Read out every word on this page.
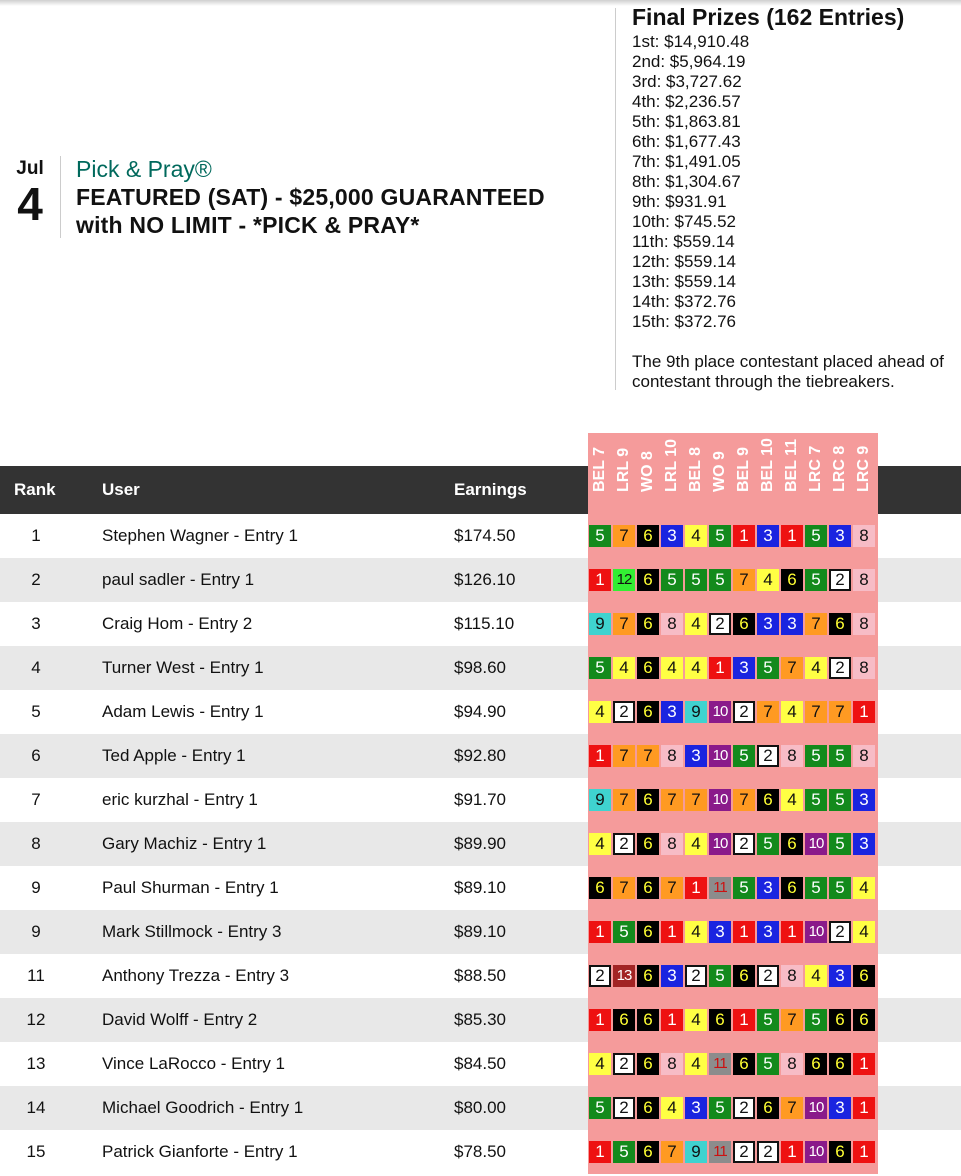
Jul
4
Pick & Pray®
FEATURED (SAT) - $25,000 GUARANTEED
with NO LIMIT - *PICK & PRAY*
Final Prizes (162 Entries)
1st: $14,910.48
2nd: $5,964.19
3rd: $3,727.62
4th: $2,236.57
5th: $1,863.81
6th: $1,677.43
7th: $1,491.05
8th: $1,304.67
9th: $931.91
10th: $745.52
11th: $559.14
12th: $559.14
13th: $559.14
14th: $372.76
15th: $372.76
The 9th place contestant placed ahead of
contestant through the tiebreakers.
Rank	User	Earnings	BEL 7 LRL 9 WO 8 LRL 10 BEL 8 WO 9 BEL 9 BEL 10 BEL 11 LRC 7 LRC 8 LRC 9
1	Stephen Wagner - Entry 1	$174.50	5 7 6 3 4 5 1 3 1 5 3 8
2	paul sadler - Entry 1	$126.10	1 12 6 5 5 5 7 4 6 5 2 8
3	Craig Hom - Entry 2	$115.10	9 7 6 8 4 2 6 3 3 7 6 8
4	Turner West - Entry 1	$98.60	5 4 6 4 4 1 3 5 7 4 2 8
5	Adam Lewis - Entry 1	$94.90	4 2 6 3 9 10 2 7 4 7 7 1
6	Ted Apple - Entry 1	$92.80	1 7 7 8 3 10 5 2 8 5 5 8
7	eric kurzhal - Entry 1	$91.70	9 7 6 7 7 10 7 6 4 5 5 3
8	Gary Machiz - Entry 1	$89.90	4 2 6 8 4 10 2 5 6 10 5 3
9	Paul Shurman - Entry 1	$89.10	6 7 6 7 1 11 5 3 6 5 5 4
9	Mark Stillmock - Entry 3	$89.10	1 5 6 1 4 3 1 3 1 10 2 4
11	Anthony Trezza - Entry 3	$88.50	2 13 6 3 2 5 6 2 8 4 3 6
12	David Wolff - Entry 2	$85.30	1 6 6 1 4 6 1 5 7 5 6 6
13	Vince LaRocco - Entry 1	$84.50	4 2 6 8 4 11 6 5 8 6 6 1
14	Michael Goodrich - Entry 1	$80.00	5 2 6 4 3 5 2 6 7 10 3 1
15	Patrick Gianforte - Entry 1	$78.50	1 5 6 7 9 11 2 2 1 10 6 1
